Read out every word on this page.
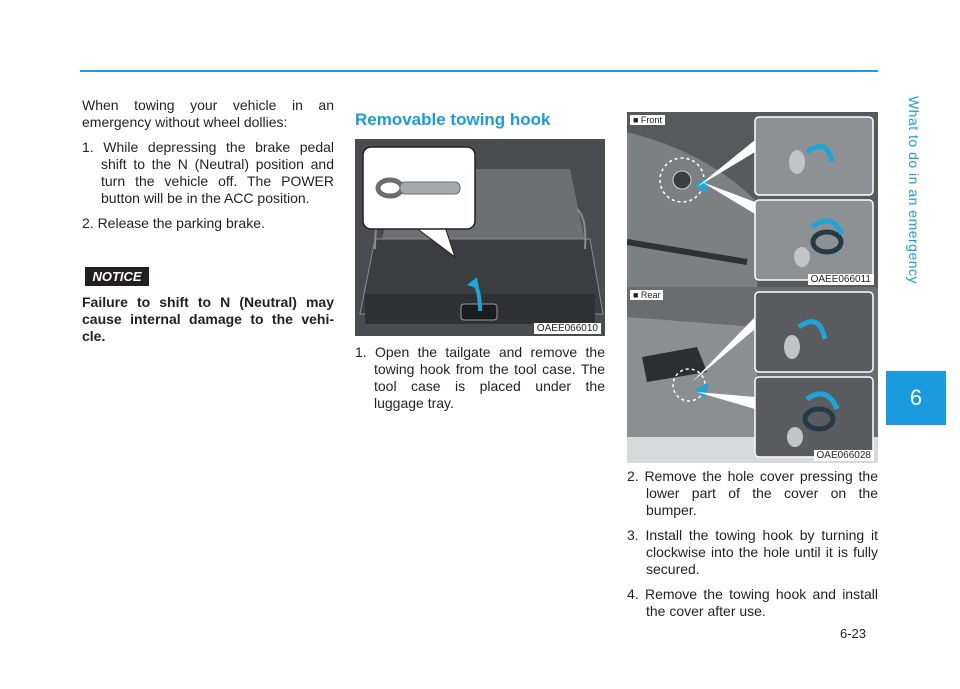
What to do in an emergency
6

When towing your vehicle in an emergency without wheel dollies:

1. While depressing the brake pedal shift to the N (Neutral) position and turn the vehicle off. The POWER button will be in the ACC position.

2. Release the parking brake.

NOTICE

Failure to shift to N (Neutral) may cause internal damage to the vehi-cle.

Removable towing hook
OAEE066010

1. Open the tailgate and remove the towing hook from the tool case. The tool case is placed under the luggage tray.

■ Front
OAEE066011
■ Rear
OAE066028

2. Remove the hole cover pressing the lower part of the cover on the bumper.

3. Install the towing hook by turning it clockwise into the hole until it is fully secured.

4. Remove the towing hook and install the cover after use.

6-23
